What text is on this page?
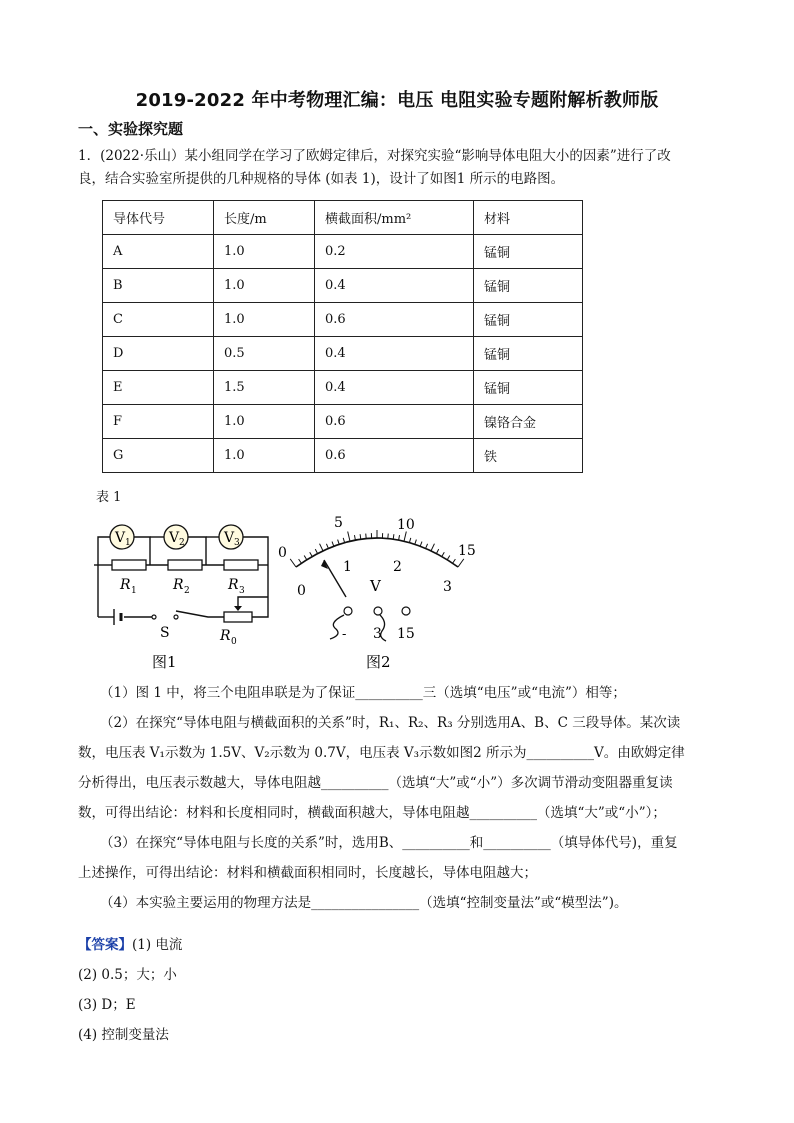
2019-2022 年中考物理汇编：电压 电阻实验专题附解析教师版
一、实验探究题
1．(2022·乐山）某小组同学在学习了欧姆定律后，对探究实验“影响导体电阻大小的因素”进行了改
良，结合实验室所提供的几种规格的导体 (如表 1)，设计了如图1 所示的电路图。
导体代号	长度/m	横截面积/mm²	材料
A	1.0	0.2	锰铜
B	1.0	0.4	锰铜
C	1.0	0.6	锰铜
D	0.5	0.4	锰铜
E	1.5	0.4	锰铜
F	1.0	0.6	镍铬合金
G	1.0	0.6	铁
表 1
V 1	V 2	V 3
R 1	R 2	R 3
R 0
S
图1
0
5	10
15
0
1	2
3
V
- 3 15
图2
（1）图 1 中，将三个电阻串联是为了保证__________三（选填“电压”或“电流”）相等；
（2）在探究“导体电阻与横截面积的关系”时，R₁、R₂、R₃ 分别选用A、B、C 三段导体。某次读
数，电压表 V₁示数为 1.5V、V₂示数为 0.7V，电压表 V₃示数如图2 所示为__________V。由欧姆定律
分析得出，电压表示数越大，导体电阻越__________（选填“大”或“小”）多次调节滑动变阻器重复读
数，可得出结论：材料和长度相同时，横截面积越大，导体电阻越__________（选填“大”或“小”）；
（3）在探究“导体电阻与长度的关系”时，选用B、__________和__________（填导体代号)，重复
上述操作，可得出结论：材料和横截面积相同时，长度越长，导体电阻越大；
（4）本实验主要运用的物理方法是________________（选填“控制变量法”或“模型法”)。
【答案】(1) 电流
(2) 0.5；大；小
(3) D；E
(4) 控制变量法
